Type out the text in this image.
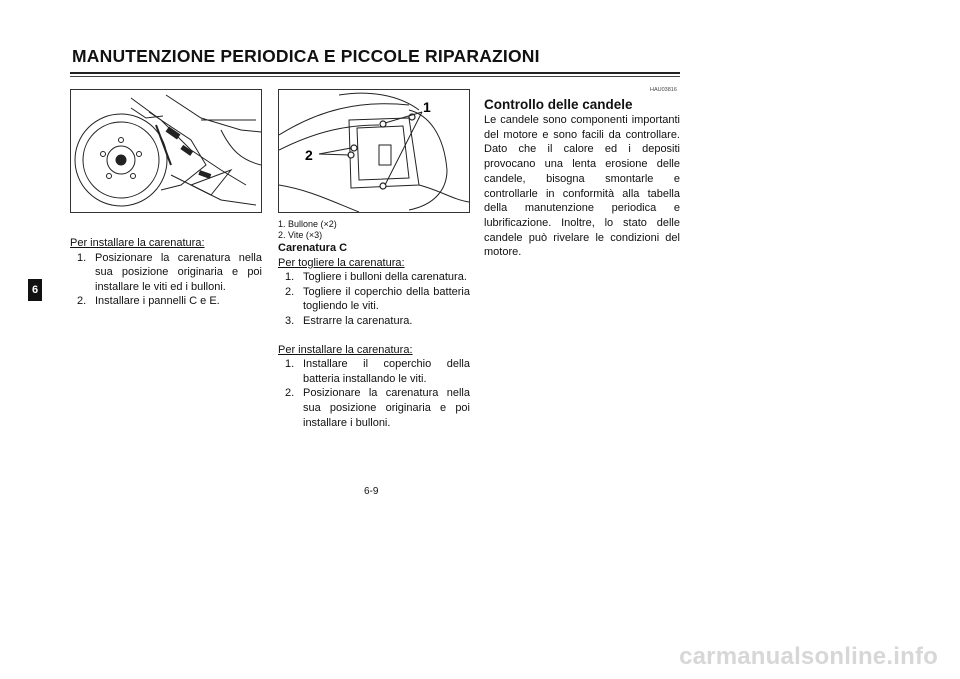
MANUTENZIONE PERIODICA E PICCOLE RIPARAZIONI
6
1
2

Per installare la carenatura:

1. Posizionare la carenatura nella sua posizione originaria e poi installare le viti ed i bulloni.
2. Installare i pannelli C e E.

1. Bullone (×2)

2. Vite (×3)

Carenatura C

Per togliere la carenatura:

1. Togliere i bulloni della carenatura.
2. Togliere il coperchio della batteria togliendo le viti.
3. Estrarre la carenatura.

Per installare la carenatura:

1. Installare il coperchio della batteria installando le viti.
2. Posizionare la carenatura nella sua posizione originaria e poi installare i bulloni.
HAU03816
Controllo delle candele
Le candele sono componenti importanti del motore e sono facili da controllare. Dato che il calore ed i depositi provocano una lenta erosione delle candele, bisogna smontarle e controllarle in conformità alla tabella della manutenzione periodica e lubrificazione. Inoltre, lo stato delle candele può rivelare le condizioni del motore.
6-9
carmanualsonline.info
